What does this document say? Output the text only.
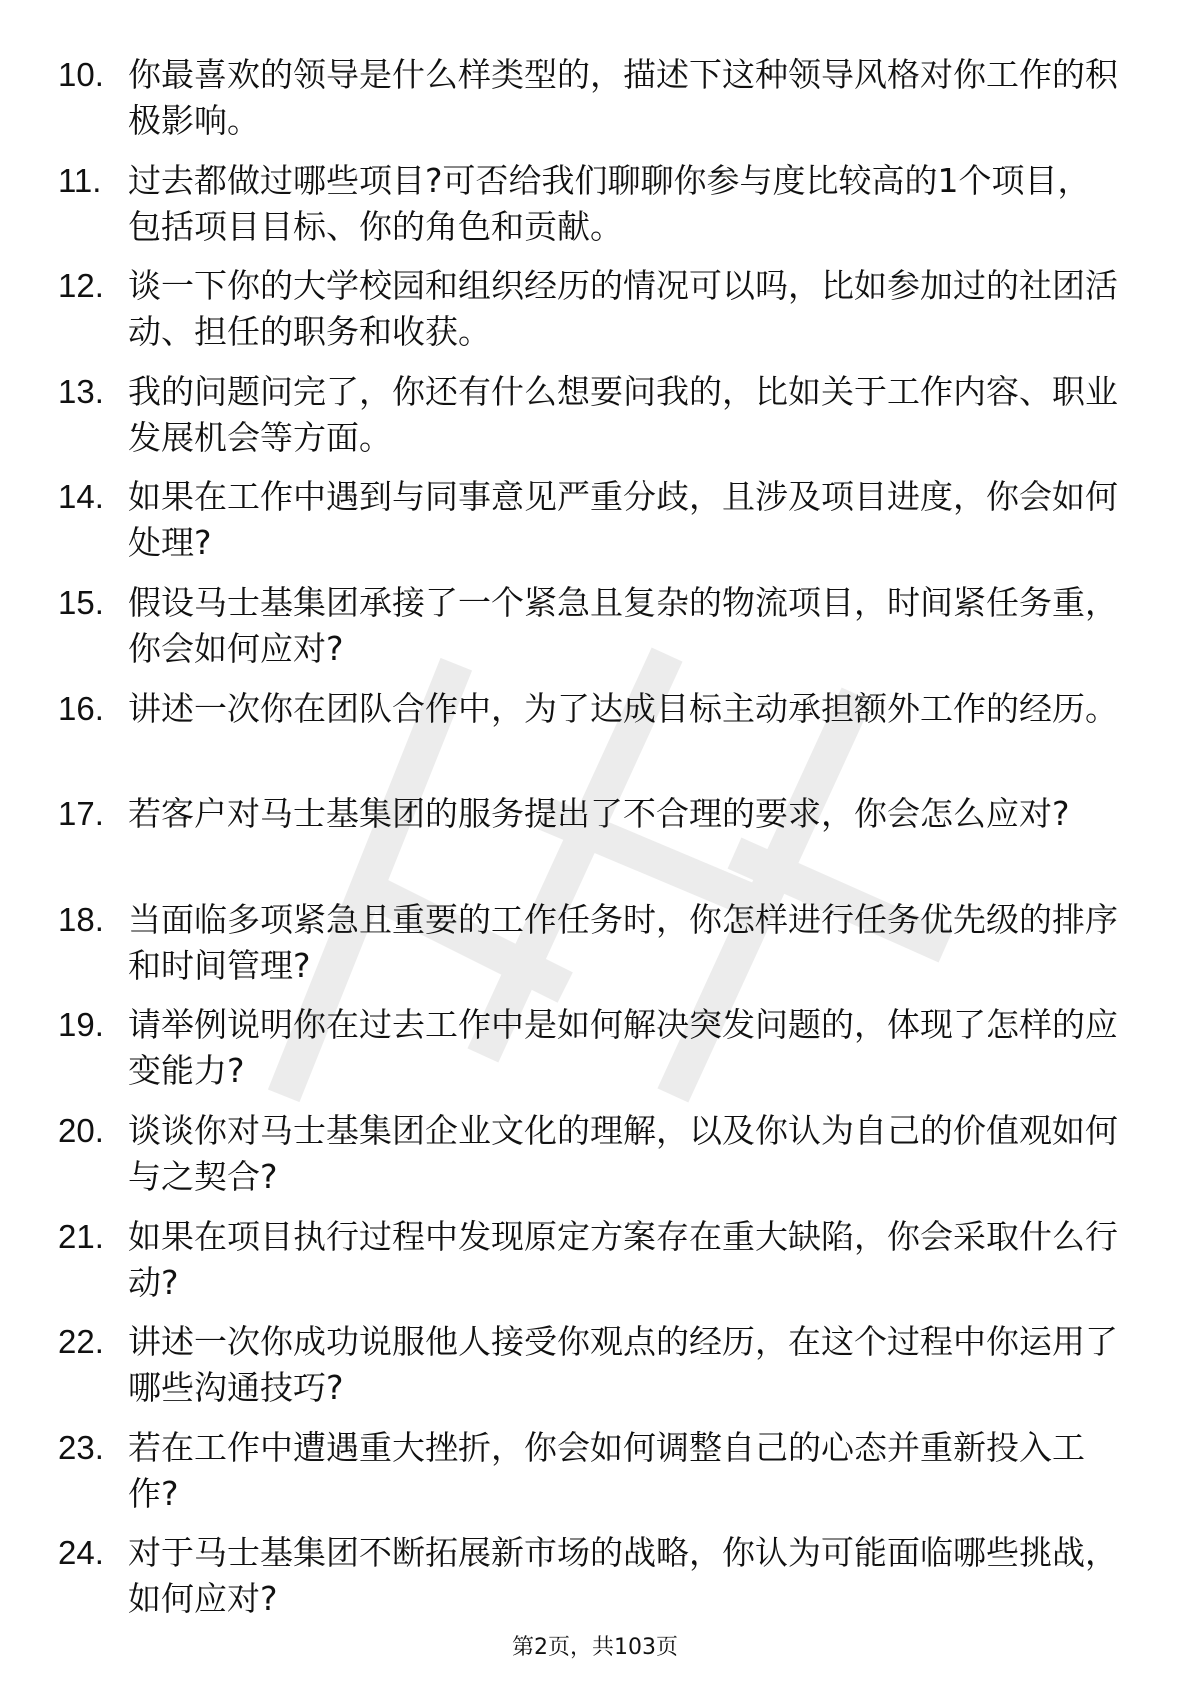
10. 你最喜欢的领导是什么样类型的，描述下这种领导风格对你工作的积极影响。
11. 过去都做过哪些项目?可否给我们聊聊你参与度比较高的1个项目，包括项目目标、你的角色和贡献。
12. 谈一下你的大学校园和组织经历的情况可以吗，比如参加过的社团活动、担任的职务和收获。
13. 我的问题问完了，你还有什么想要问我的，比如关于工作内容、职业发展机会等方面。
14. 如果在工作中遇到与同事意见严重分歧，且涉及项目进度，你会如何处理?
15. 假设马士基集团承接了一个紧急且复杂的物流项目，时间紧任务重，你会如何应对?
16. 讲述一次你在团队合作中，为了达成目标主动承担额外工作的经历。
17. 若客户对马士基集团的服务提出了不合理的要求，你会怎么应对?
18. 当面临多项紧急且重要的工作任务时，你怎样进行任务优先级的排序和时间管理?
19. 请举例说明你在过去工作中是如何解决突发问题的，体现了怎样的应变能力?
20. 谈谈你对马士基集团企业文化的理解，以及你认为自己的价值观如何与之契合?
21. 如果在项目执行过程中发现原定方案存在重大缺陷，你会采取什么行动?
22. 讲述一次你成功说服他人接受你观点的经历，在这个过程中你运用了哪些沟通技巧?
23. 若在工作中遭遇重大挫折，你会如何调整自己的心态并重新投入工作?
24. 对于马士基集团不断拓展新市场的战略，你认为可能面临哪些挑战，如何应对?
第2页，共103页
